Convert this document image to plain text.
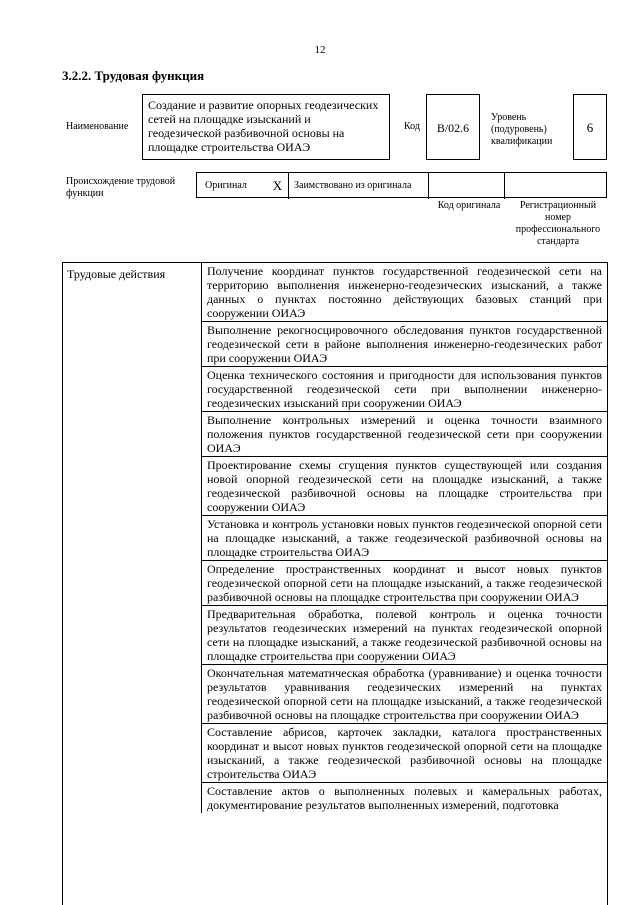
12
3.2.2. Трудовая функция
Наименование
Создание и развитие опорных геодезических сетей на площадке изысканий и геодезической разбивочной основы на площадке строительства ОИАЭ
Код	B/02.6
Уровень (подуровень) квалификации
6
Происхождение трудовой функции
Оригинал	X	Заимствовано из оригинала
Код оригинала	Регистрационный номер профессионального стандарта
Трудовые действия	Получение координат пунктов государственной геодезической сети на территорию выполнения инженерно-геодезических изысканий, а также данных о пунктах постоянно действующих базовых станций при сооружении ОИАЭ
Выполнение рекогносцировочного обследования пунктов государственной геодезической сети в районе выполнения инженерно-геодезических работ при сооружении ОИАЭ
Оценка технического состояния и пригодности для использования пунктов государственной геодезической сети при выполнении инженерно-геодезических изысканий при сооружении ОИАЭ
Выполнение контрольных измерений и оценка точности взаимного положения пунктов государственной геодезической сети при сооружении ОИАЭ
Проектирование схемы сгущения пунктов существующей или создания новой опорной геодезической сети на площадке изысканий, а также геодезической разбивочной основы на площадке строительства при сооружении ОИАЭ
Установка и контроль установки новых пунктов геодезической опорной сети на площадке изысканий, а также геодезической разбивочной основы на площадке строительства ОИАЭ
Определение пространственных координат и высот новых пунктов геодезической опорной сети на площадке изысканий, а также геодезической разбивочной основы на площадке строительства при сооружении ОИАЭ
Предварительная обработка, полевой контроль и оценка точности результатов геодезических измерений на пунктах геодезической опорной сети на площадке изысканий, а также геодезической разбивочной основы на площадке строительства при сооружении ОИАЭ
Окончательная математическая обработка (уравнивание) и оценка точности результатов уравнивания геодезических измерений на пунктах геодезической опорной сети на площадке изысканий, а также геодезической разбивочной основы на площадке строительства при сооружении ОИАЭ
Составление абрисов, карточек закладки, каталога пространственных координат и высот новых пунктов геодезической опорной сети на площадке изысканий, а также геодезической разбивочной основы на площадке строительства ОИАЭ
Составление актов о выполненных полевых и камеральных работах, документирование результатов выполненных измерений, подготовка
